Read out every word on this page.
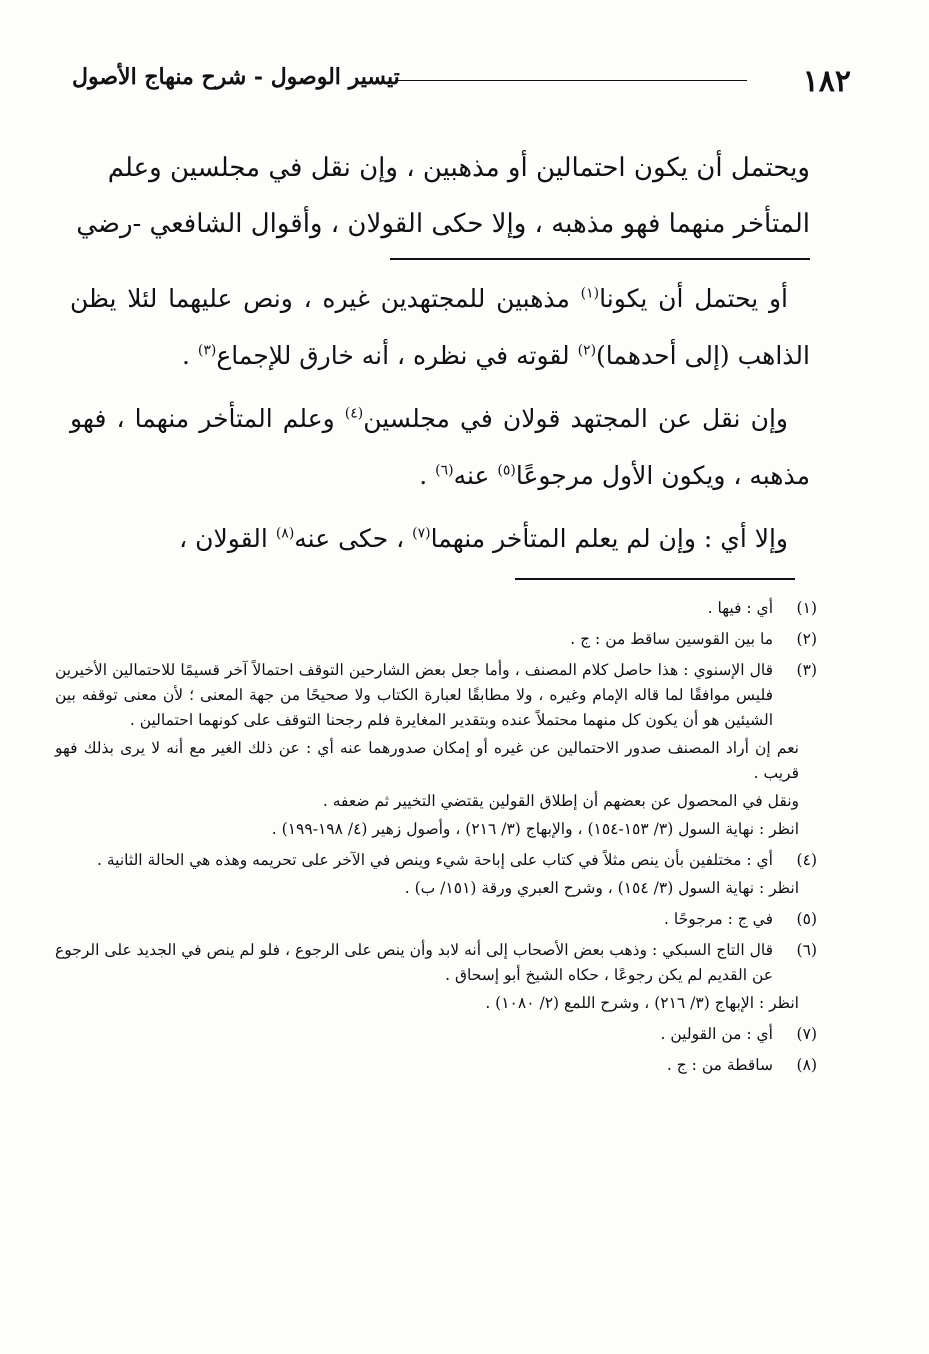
١٨٢
تيسير الوصول - شرح منهاج الأصول

ويحتمل أن يكون احتمالين أو مذهبين ، وإن نقل في مجلسين وعلم

المتأخر منهما فهو مذهبه ، وإلا حكى القولان ، وأقوال الشافعي -رضي

أو يحتمل أن يكونا$^{(١)}$ مذهبين للمجتهدين غيره ، ونص عليهما لئلا يظن الذاهب (إلى أحدهما)$^{(٢)}$ لقوته في نظره ، أنه خارق للإجماع$^{(٣)}$ .

وإن نقل عن المجتهد قولان في مجلسين$^{(٤)}$ وعلم المتأخر منهما ، فهو مذهبه ، ويكون الأول مرجوعًا$^{(٥)}$ عنه$^{(٦)}$ .

وإلا أي : وإن لم يعلم المتأخر منهما$^{(٧)}$ ، حكى عنه$^{(٨)}$ القولان ،

(١)
أي : فيها .
(٢)
ما بين القوسين ساقط من : ج .
(٣)
قال الإسنوي : هذا حاصل كلام المصنف ، وأما جعل بعض الشارحين التوقف احتمالاً آخر قسيمًا للاحتمالين الأخيرين فليس موافقًا لما قاله الإمام وغيره ، ولا مطابقًا لعبارة الكتاب ولا صحيحًا من جهة المعنى ؛ لأن معنى توقفه بين الشيئين هو أن يكون كل منهما محتملاً عنده وبتقدير المغايرة فلم رجحنا التوقف على كونهما احتمالين .
نعم إن أراد المصنف صدور الاحتمالين عن غيره أو إمكان صدورهما عنه أي : عن ذلك الغير مع أنه لا يرى بذلك فهو قريب .
ونقل في المحصول عن بعضهم أن إطلاق القولين يقتضي التخيير ثم ضعفه .
انظر : نهاية السول (٣/ ١٥٣-١٥٤) ، والإبهاج (٣/ ٢١٦) ، وأصول زهير (٤/ ١٩٨-١٩٩) .
(٤)
أي : مختلفين بأن ينص مثلاً في كتاب على إباحة شيء وينص في الآخر على تحريمه وهذه هي الحالة الثانية .
انظر : نهاية السول (٣/ ١٥٤) ، وشرح العبري ورقة (١٥١/ ب) .
(٥)
في ج : مرجوحًا .
(٦)
قال التاج السبكي : وذهب بعض الأصحاب إلى أنه لابد وأن ينص على الرجوع ، فلو لم ينص في الجديد على الرجوع عن القديم لم يكن رجوعًا ، حكاه الشيخ أبو إسحاق .
انظر : الإبهاج (٣/ ٢١٦) ، وشرح اللمع (٢/ ١٠٨٠) .
(٧)
أي : من القولين .
(٨)
ساقطة من : ج .
